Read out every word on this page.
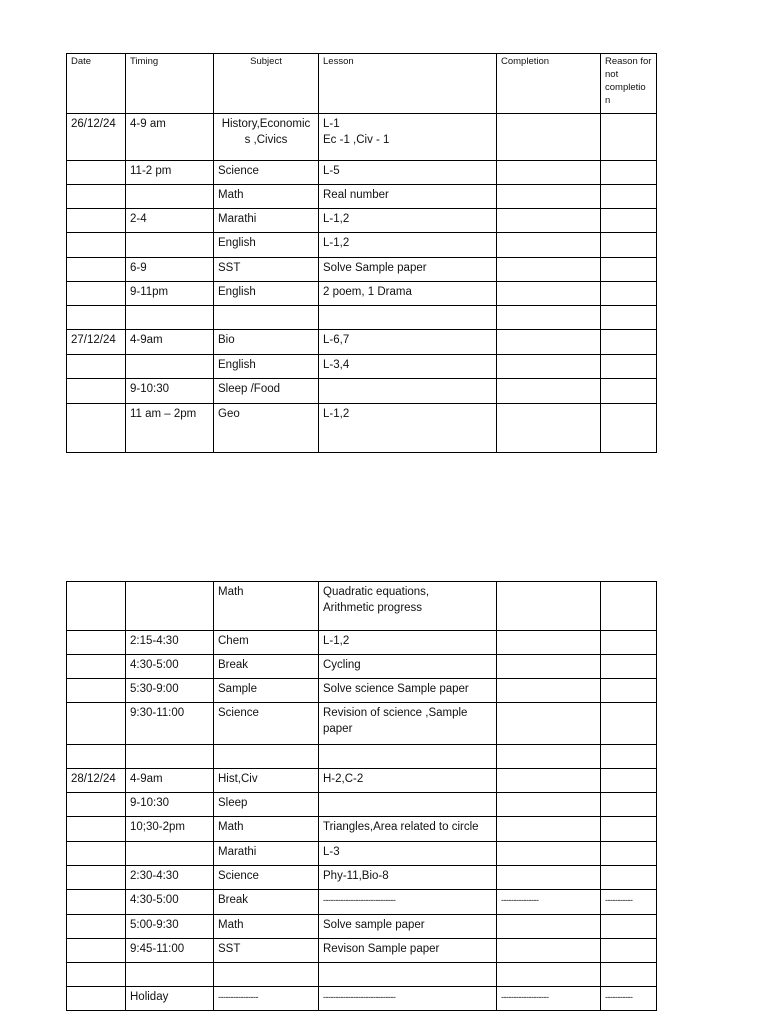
Date	Timing	Subject	Lesson	Completion	Reason for
not
completio
n
26/12/24	4-9 am	History,Economic
s ,Civics	L-1
Ec -1 ,Civ - 1		
	11-2 pm	Science	L-5		
		Math	Real number		
	2-4	Marathi	L-1,2		
		English	L-1,2		
	6-9	SST	Solve Sample paper		
	9-11pm	English	2 poem, 1 Drama		

27/12/24	4-9am	Bio	L-6,7		
		English	L-3,4		
	9-10:30	Sleep /Food			
	11 am – 2pm	Geo	L-1,2		
		Math	Quadratic equations,
Arithmetic progress		
	2:15-4:30	Chem	L-1,2		
	4:30-5:00	Break	Cycling		
	5:30-9:00	Sample	Solve science Sample paper		
	9:30-11:00	Science	Revision of science ,Sample
paper		

28/12/24	4-9am	Hist,Civ	H-2,C-2		
	9-10:30	Sleep			
	10;30-2pm	Math	Triangles,Area related to circle		
		Marathi	L-3		
	2:30-4:30	Science	Phy-11,Bio-8		
	4:30-5:00	Break	-----------------------------	---------------	-----------
	5:00-9:30	Math	Solve sample paper		
	9:45-11:00	SST	Revison Sample paper		

	Holiday	----------------	-----------------------------	-------------------	-----------
